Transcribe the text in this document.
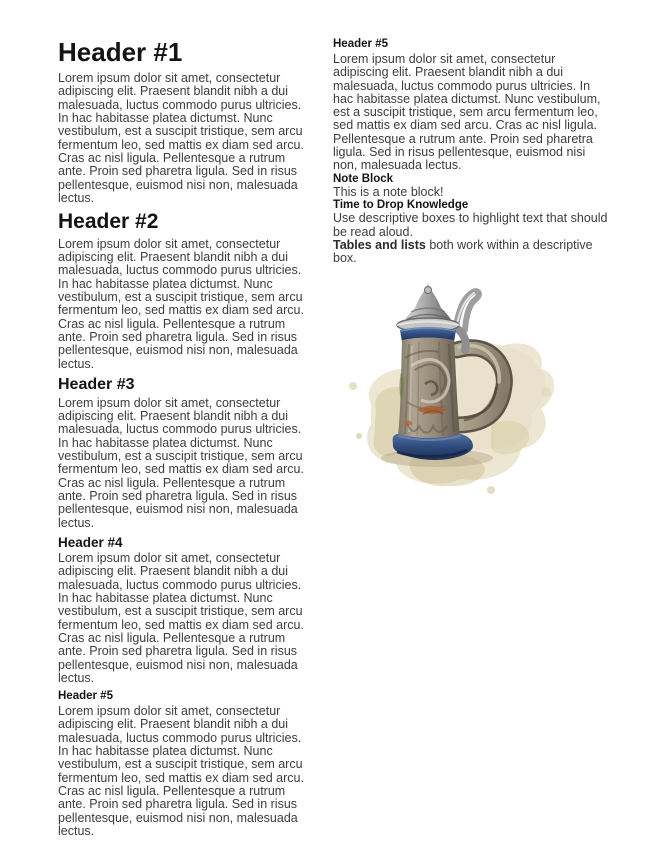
Header #1

Lorem ipsum dolor sit amet, consectetur adipiscing elit. Praesent blandit nibh a dui malesuada, luctus commodo purus ultricies. In hac habitasse platea dictumst. Nunc vestibulum, est a suscipit tristique, sem arcu fermentum leo, sed mattis ex diam sed arcu. Cras ac nisl ligula. Pellentesque a rutrum ante. Proin sed pharetra ligula. Sed in risus pellentesque, euismod nisi non, malesuada lectus.

Header #2

Lorem ipsum dolor sit amet, consectetur adipiscing elit. Praesent blandit nibh a dui malesuada, luctus commodo purus ultricies. In hac habitasse platea dictumst. Nunc vestibulum, est a suscipit tristique, sem arcu fermentum leo, sed mattis ex diam sed arcu. Cras ac nisl ligula. Pellentesque a rutrum ante. Proin sed pharetra ligula. Sed in risus pellentesque, euismod nisi non, malesuada lectus.

Header #3

Lorem ipsum dolor sit amet, consectetur adipiscing elit. Praesent blandit nibh a dui malesuada, luctus commodo purus ultricies. In hac habitasse platea dictumst. Nunc vestibulum, est a suscipit tristique, sem arcu fermentum leo, sed mattis ex diam sed arcu. Cras ac nisl ligula. Pellentesque a rutrum ante. Proin sed pharetra ligula. Sed in risus pellentesque, euismod nisi non, malesuada lectus.

Header #4

Lorem ipsum dolor sit amet, consectetur adipiscing elit. Praesent blandit nibh a dui malesuada, luctus commodo purus ultricies. In hac habitasse platea dictumst. Nunc vestibulum, est a suscipit tristique, sem arcu fermentum leo, sed mattis ex diam sed arcu. Cras ac nisl ligula. Pellentesque a rutrum ante. Proin sed pharetra ligula. Sed in risus pellentesque, euismod nisi non, malesuada lectus.

Header #5

Lorem ipsum dolor sit amet, consectetur adipiscing elit. Praesent blandit nibh a dui malesuada, luctus commodo purus ultricies. In hac habitasse platea dictumst. Nunc vestibulum, est a suscipit tristique, sem arcu fermentum leo, sed mattis ex diam sed arcu. Cras ac nisl ligula. Pellentesque a rutrum ante. Proin sed pharetra ligula. Sed in risus pellentesque, euismod nisi non, malesuada lectus.

Header #5

Lorem ipsum dolor sit amet, consectetur adipiscing elit. Praesent blandit nibh a dui malesuada, luctus commodo purus ultricies. In hac habitasse platea dictumst. Nunc vestibulum, est a suscipit tristique, sem arcu fermentum leo, sed mattis ex diam sed arcu. Cras ac nisl ligula. Pellentesque a rutrum ante. Proin sed pharetra ligula. Sed in risus pellentesque, euismod nisi non, malesuada lectus.

Note Block

This is a note block!

Time to Drop Knowledge

Use descriptive boxes to highlight text that should be read aloud.

Tables and lists both work within a descriptive box.
